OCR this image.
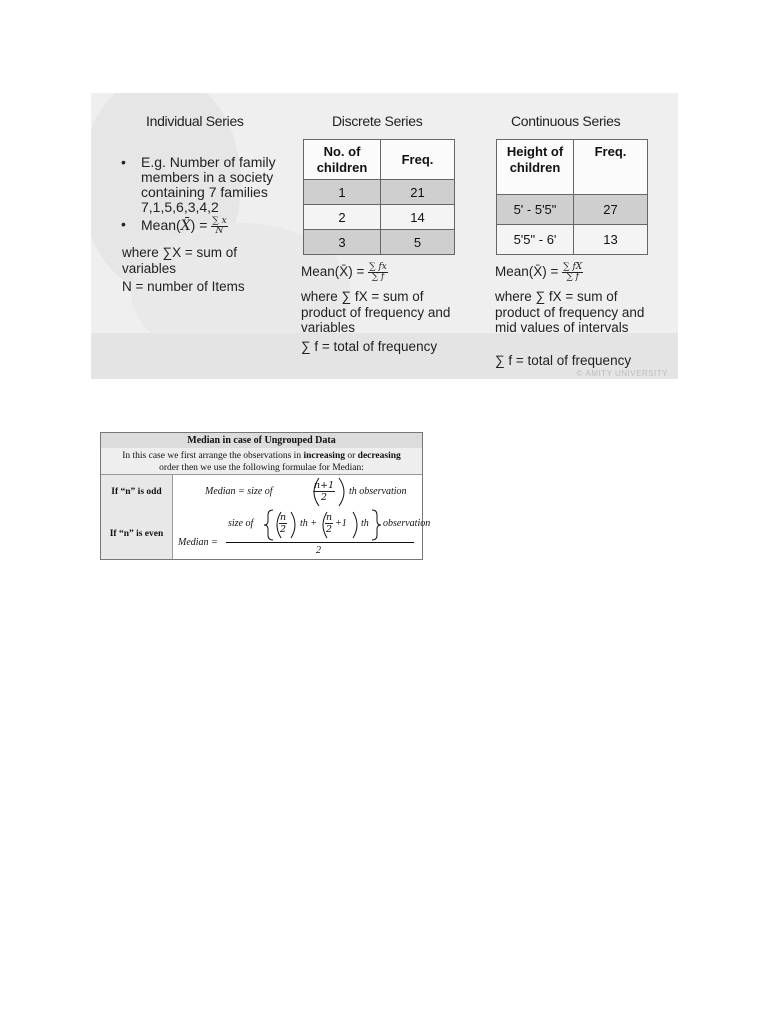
Individual Series	Discrete Series	Continuous Series
• E.g. Number of family members in a society containing 7 families 7,1,5,6,3,4,2
• Mean(X̄) = $\frac{\sum x}{N}$
where ∑X = sum of variables
N = number of Items
No. of children	Freq.
1	21
2	14
3	5
Mean(X̄) = $\frac{\sum fx}{\sum f}$
where ∑ fX = sum of product of frequency and variables
∑ f = total of frequency
Height of children	Freq.
5' - 5'5"	27
5'5" - 6'	13
Mean(X̄) = $\frac{\sum fX}{\sum f}$
where ∑ fX = sum of product of frequency and mid values of intervals
∑ f = total of frequency
© AMITY UNIVERSITY
Median in case of Ungrouped Data
In this case we first arrange the observations in increasing or decreasing
order then we use the following formulae for Median:
If “n” is odd	Median = size of	$\frac{n+1}{2}$ th observation
If “n” is even
size of	$\frac{n}{2}$ th + $\frac{n}{2} +1$ th observation
Median =
2
